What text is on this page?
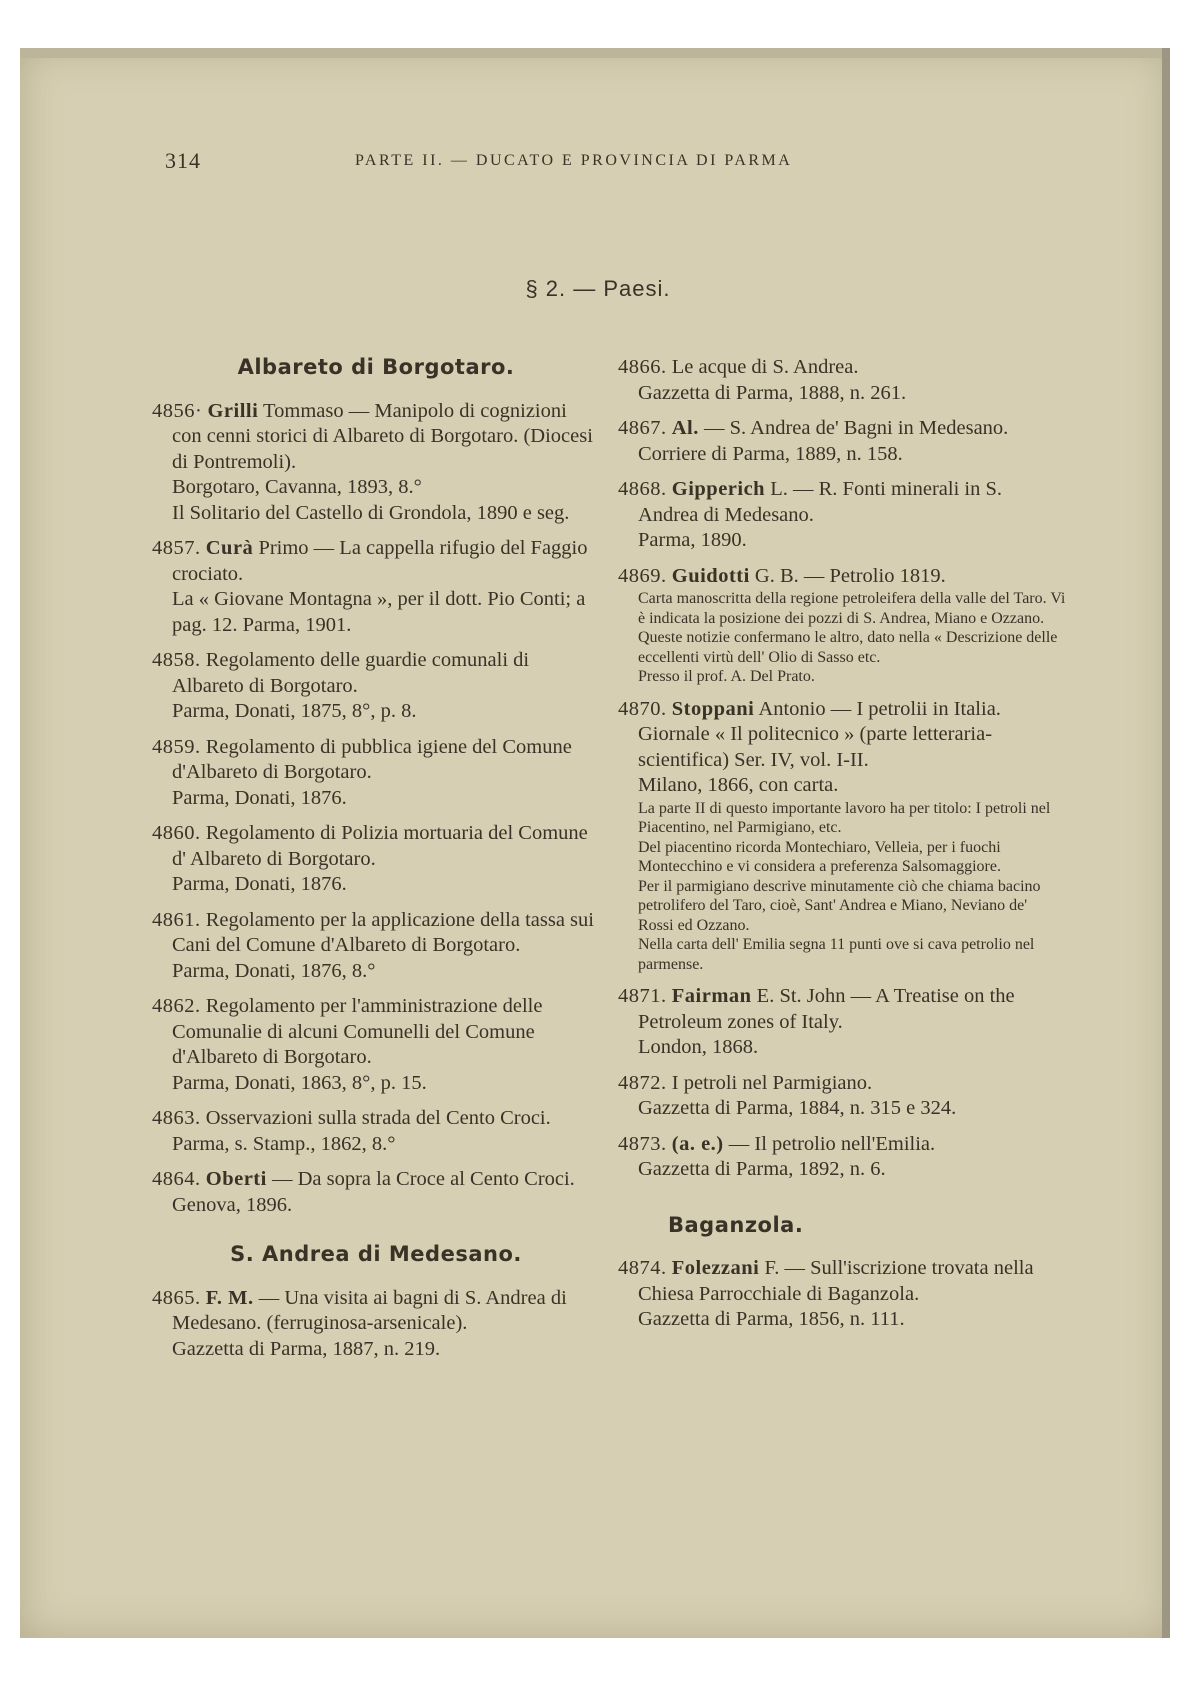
314	PARTE II. — DUCATO E PROVINCIA DI PARMA
§ 2. — Paesi.
Albareto di Borgotaro.

4856· Grilli Tommaso — Manipolo di cognizioni con cenni storici di Albareto di Borgotaro. (Diocesi di Pontremoli).

Borgotaro, Cavanna, 1893, 8.°

Il Solitario del Castello di Grondola, 1890 e seg.

4857. Curà Primo — La cappella rifugio del Faggio crociato.

La « Giovane Montagna », per il dott. Pio Conti; a pag. 12. Parma, 1901.

4858. Regolamento delle guardie comunali di Albareto di Borgotaro.

Parma, Donati, 1875, 8°, p. 8.

4859. Regolamento di pubblica igiene del Comune d'Albareto di Borgotaro.

Parma, Donati, 1876.

4860. Regolamento di Polizia mortuaria del Comune d' Albareto di Borgotaro.

Parma, Donati, 1876.

4861. Regolamento per la applicazione della tassa sui Cani del Comune d'Albareto di Borgotaro.

Parma, Donati, 1876, 8.°

4862. Regolamento per l'amministrazione delle Comunalie di alcuni Comunelli del Comune d'Albareto di Borgotaro.

Parma, Donati, 1863, 8°, p. 15.

4863. Osservazioni sulla strada del Cento Croci.

Parma, s. Stamp., 1862, 8.°

4864. Oberti — Da sopra la Croce al Cento Croci.

Genova, 1896.

S. Andrea di Medesano.

4865. F. M. — Una visita ai bagni di S. Andrea di Medesano. (ferruginosa-arsenicale).

Gazzetta di Parma, 1887, n. 219.

4866. Le acque di S. Andrea.

Gazzetta di Parma, 1888, n. 261.

4867. Al. — S. Andrea de' Bagni in Medesano.

Corriere di Parma, 1889, n. 158.

4868. Gipperich L. — R. Fonti minerali in S. Andrea di Medesano.

Parma, 1890.

4869. Guidotti G. B. — Petrolio 1819.

Carta manoscritta della regione petroleifera della valle del Taro. Vi è indicata la posizione dei pozzi di S. Andrea, Miano e Ozzano.

Queste notizie confermano le altro, dato nella « Descrizione delle eccellenti virtù dell' Olio di Sasso etc.

Presso il prof. A. Del Prato.

4870. Stoppani Antonio — I petrolii in Italia.

Giornale « Il politecnico » (parte letteraria-scientifica) Ser. IV, vol. I-II.

Milano, 1866, con carta.

La parte II di questo importante lavoro ha per titolo: I petroli nel Piacentino, nel Parmigiano, etc.

Del piacentino ricorda Montechiaro, Velleia, per i fuochi Montecchino e vi considera a preferenza Salsomaggiore.

Per il parmigiano descrive minutamente ciò che chiama bacino petrolifero del Taro, cioè, Sant' Andrea e Miano, Neviano de' Rossi ed Ozzano.

Nella carta dell' Emilia segna 11 punti ove si cava petrolio nel parmense.

4871. Fairman E. St. John — A Treatise on the Petroleum zones of Italy.

London, 1868.

4872. I petroli nel Parmigiano.

Gazzetta di Parma, 1884, n. 315 e 324.

4873. (a. e.) — Il petrolio nell'Emilia.

Gazzetta di Parma, 1892, n. 6.

Baganzola.

4874. Folezzani F. — Sull'iscrizione trovata nella Chiesa Parrocchiale di Baganzola.

Gazzetta di Parma, 1856, n. 111.
